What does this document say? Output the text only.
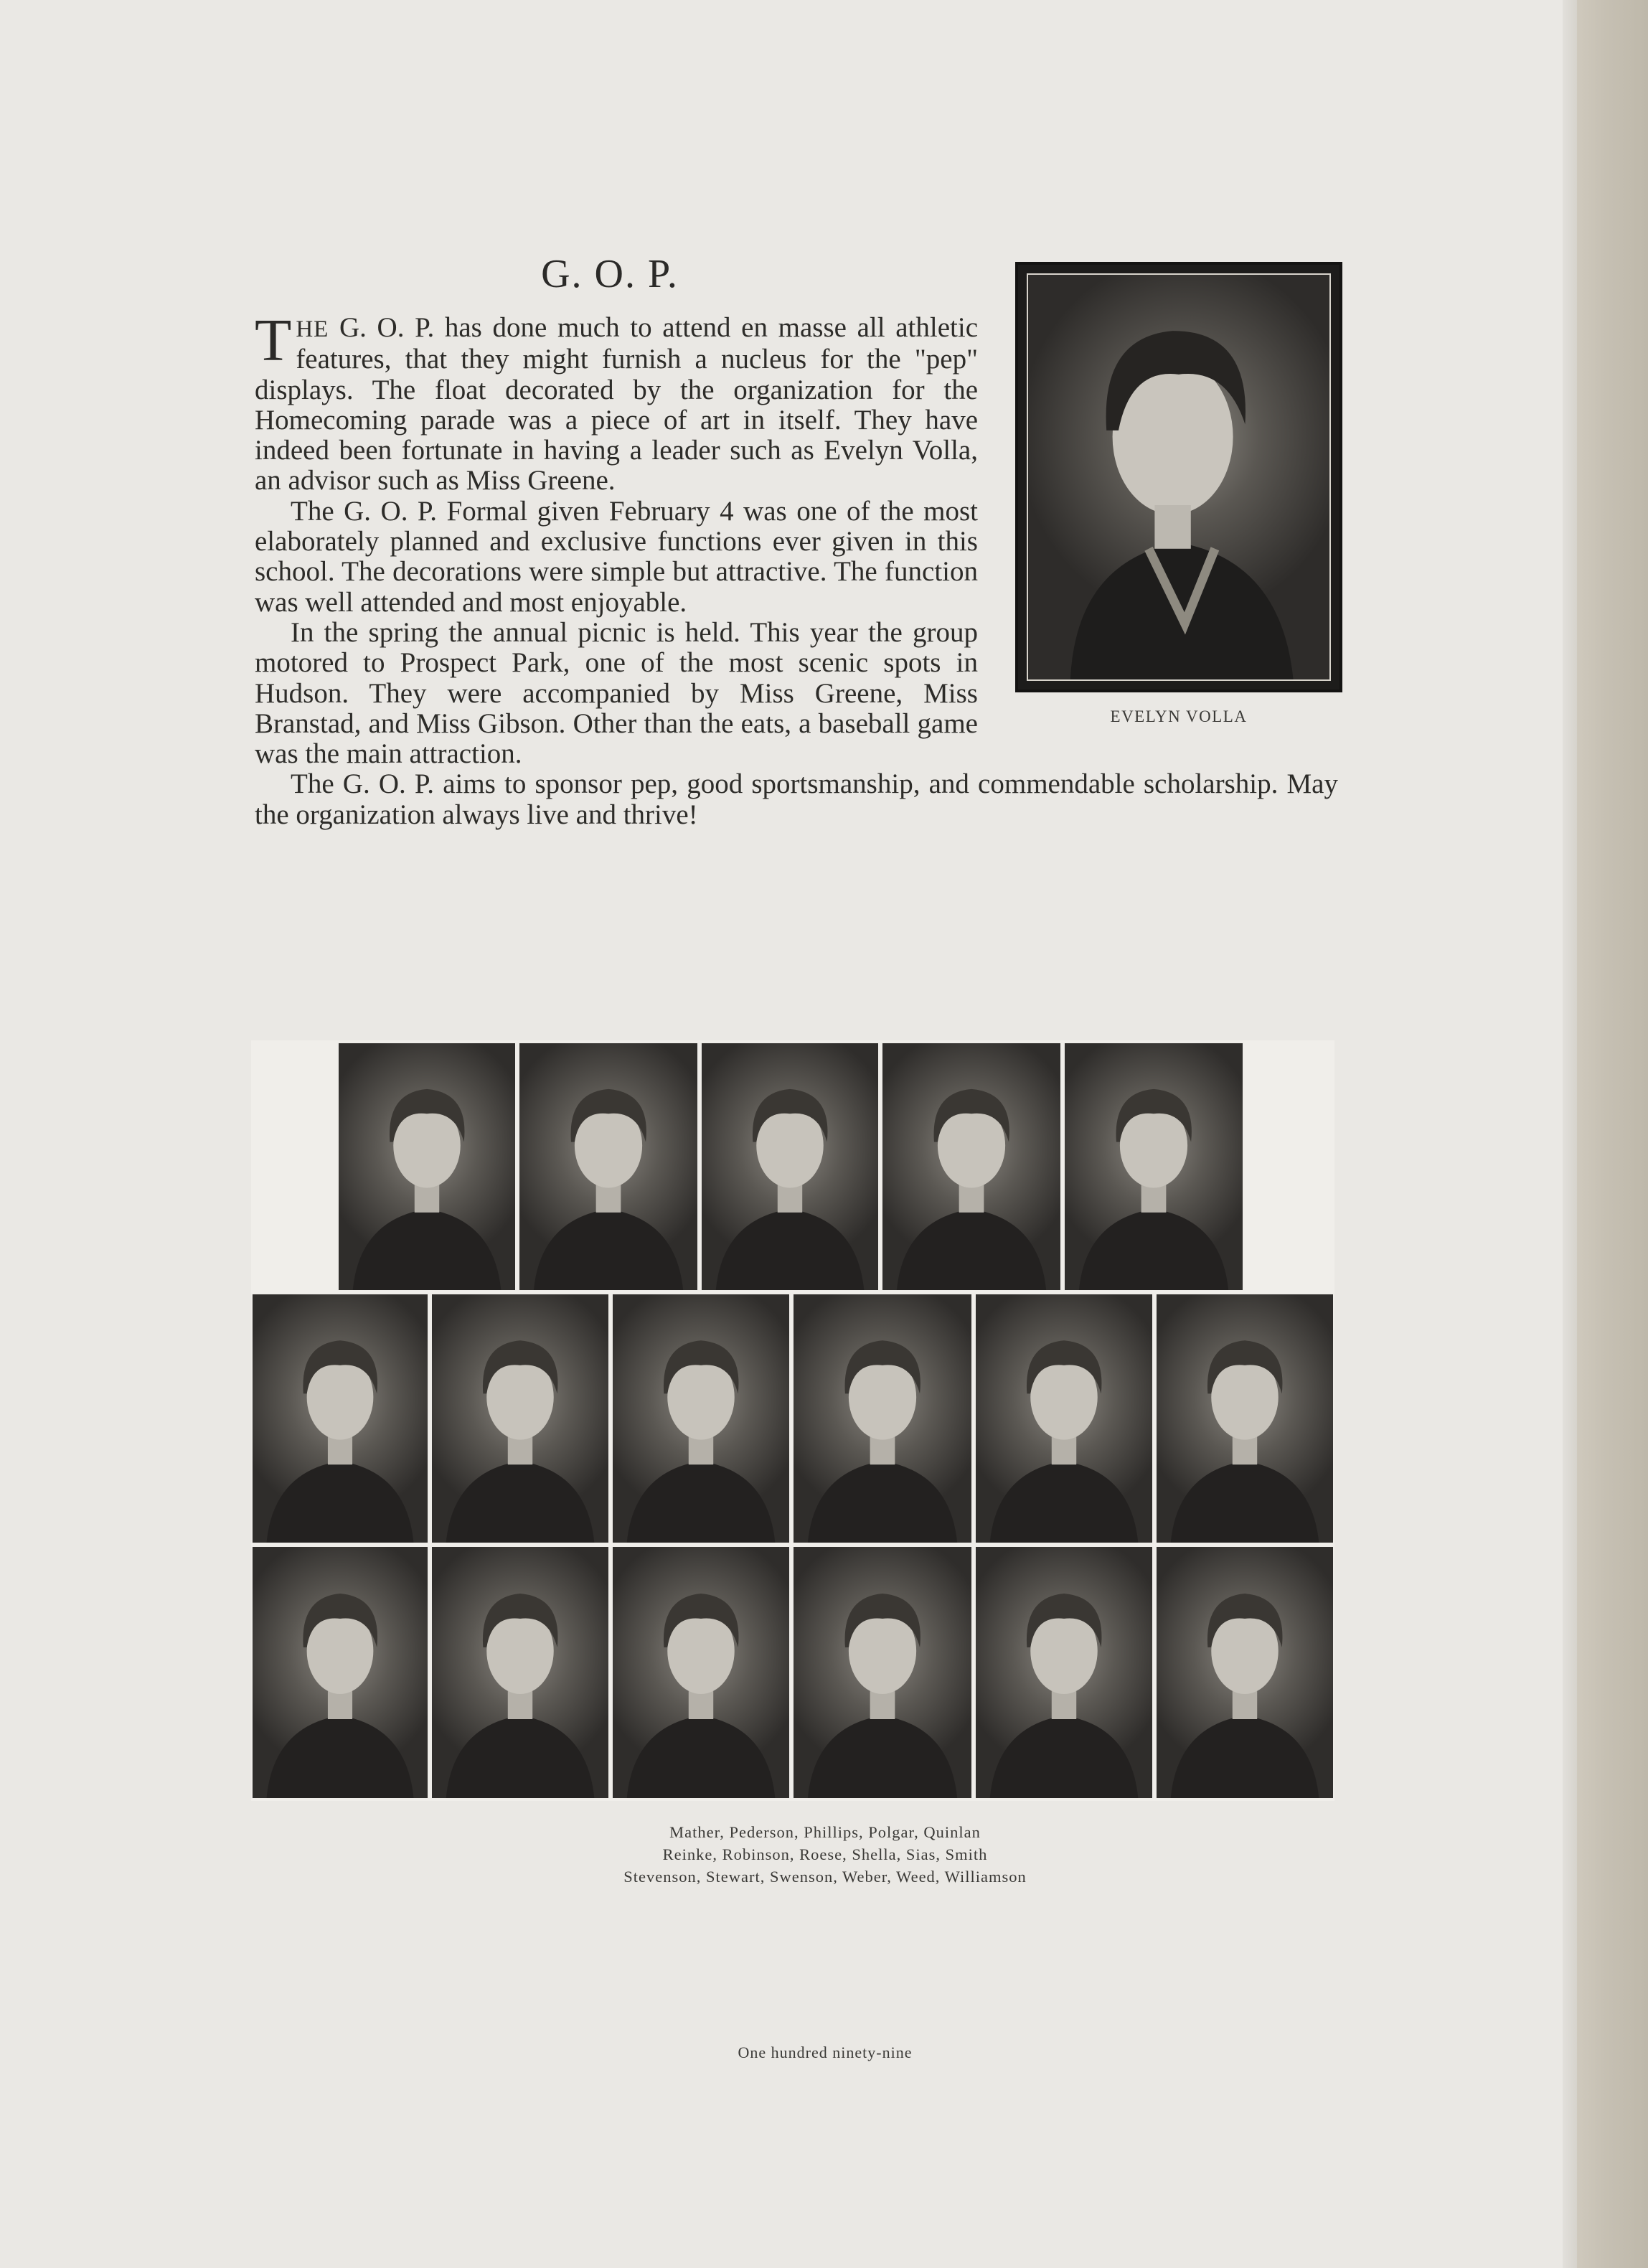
G. O. P.
EVELYN VOLLA

THE G. O. P. has done much to attend en masse all athletic features, that they might furnish a nucleus for the "pep" displays. The float decorated by the organization for the Homecoming parade was a piece of art in itself. They have indeed been fortunate in having a leader such as Evelyn Volla, an advisor such as Miss Greene.

The G. O. P. Formal given February 4 was one of the most elaborately planned and exclusive functions ever given in this school. The decorations were simple but attractive. The function was well attended and most enjoyable.

In the spring the annual picnic is held. This year the group motored to Prospect Park, one of the most scenic spots in Hudson. They were accompanied by Miss Greene, Miss Branstad, and Miss Gibson. Other than the eats, a baseball game was the main attraction.

The G. O. P. aims to sponsor pep, good sportsmanship, and commendable scholarship. May the organization always live and thrive!

Mather, Pederson, Phillips, Polgar, Quinlan
Reinke, Robinson, Roese, Shella, Sias, Smith
Stevenson, Stewart, Swenson, Weber, Weed, Williamson
One hundred ninety-nine
